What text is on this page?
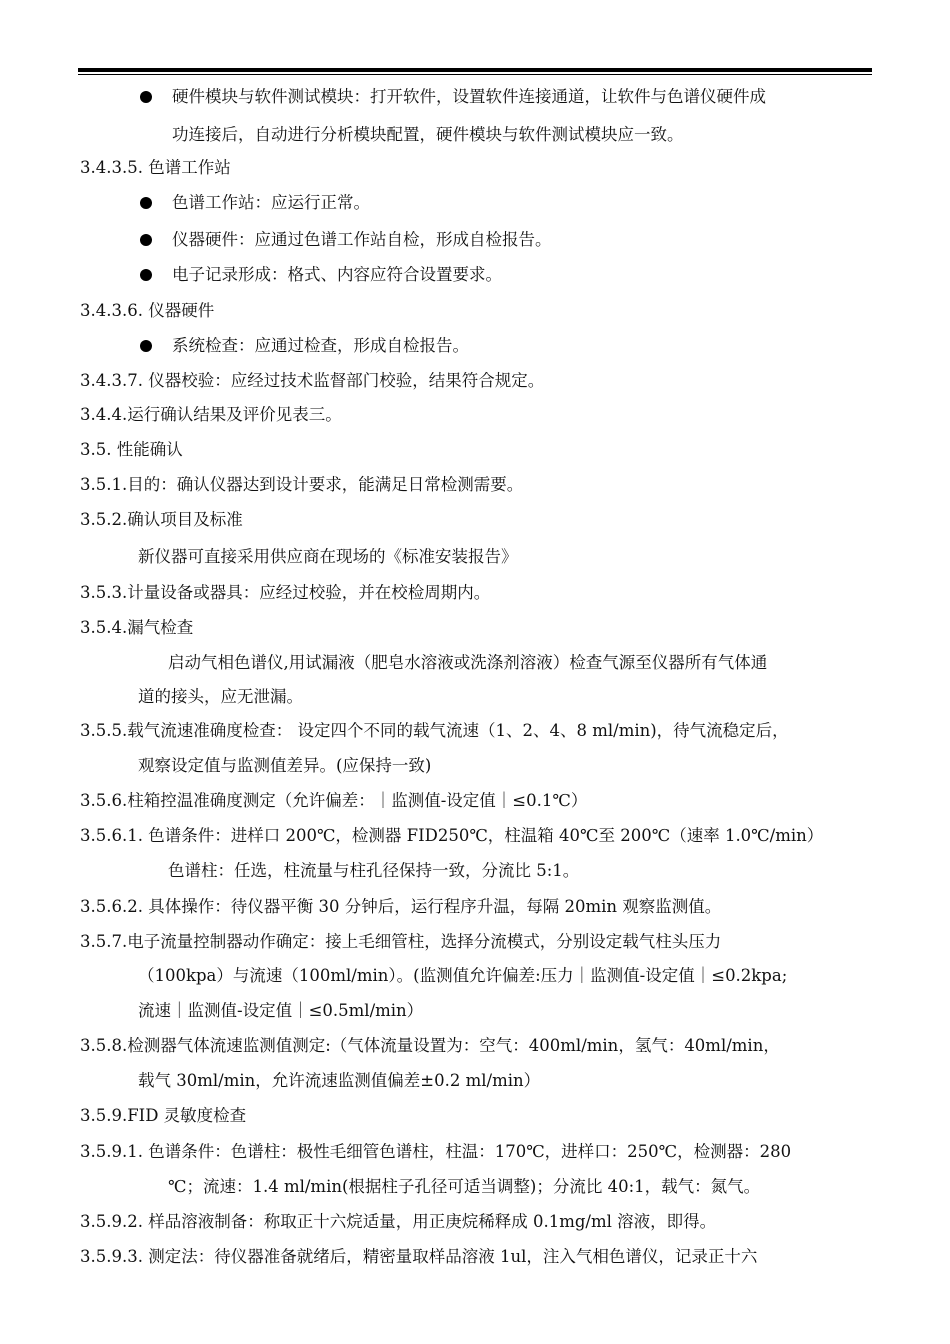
硬件模块与软件测试模块：打开软件，设置软件连接通道，让软件与色谱仪硬件成
功连接后，自动进行分析模块配置，硬件模块与软件测试模块应一致。
3.4.3.5. 色谱工作站
色谱工作站：应运行正常。
仪器硬件：应通过色谱工作站自检，形成自检报告。
电子记录形成：格式、内容应符合设置要求。
3.4.3.6. 仪器硬件
系统检查：应通过检查，形成自检报告。
3.4.3.7. 仪器校验：应经过技术监督部门校验，结果符合规定。
3.4.4.运行确认结果及评价见表三。
3.5. 性能确认
3.5.1.目的：确认仪器达到设计要求，能满足日常检测需要。
3.5.2.确认项目及标准
新仪器可直接采用供应商在现场的《标准安装报告》
3.5.3.计量设备或器具：应经过校验，并在校检周期内。
3.5.4.漏气检查
启动气相色谱仪,用试漏液（肥皂水溶液或洗涤剂溶液）检查气源至仪器所有气体通
道的接头，应无泄漏。
3.5.5.载气流速准确度检查： 设定四个不同的载气流速（1、2、4、8 ml/min)，待气流稳定后，
观察设定值与监测值差异。(应保持一致)
3.5.6.柱箱控温准确度测定（允许偏差：｜监测值-设定值｜≤0.1℃）
3.5.6.1. 色谱条件：进样口 200℃，检测器 FID250℃，柱温箱 40℃至 200℃（速率 1.0℃/min）
色谱柱：任选，柱流量与柱孔径保持一致，分流比 5:1。
3.5.6.2. 具体操作：待仪器平衡 30 分钟后，运行程序升温，每隔 20min 观察监测值。
3.5.7.电子流量控制器动作确定：接上毛细管柱，选择分流模式，分别设定载气柱头压力
（100kpa）与流速（100ml/min）。(监测值允许偏差:压力｜监测值-设定值｜≤0.2kpa;
流速｜监测值-设定值｜≤0.5ml/min）
3.5.8.检测器气体流速监测值测定:（气体流量设置为：空气：400ml/min，氢气：40ml/min，
载气 30ml/min，允许流速监测值偏差±0.2 ml/min）
3.5.9.FID 灵敏度检查
3.5.9.1. 色谱条件：色谱柱：极性毛细管色谱柱，柱温：170℃，进样口：250℃，检测器：280
℃；流速：1.4 ml/min(根据柱子孔径可适当调整)；分流比 40:1，载气：氮气。
3.5.9.2. 样品溶液制备：称取正十六烷适量，用正庚烷稀释成 0.1mg/ml 溶液，即得。
3.5.9.3. 测定法：待仪器准备就绪后，精密量取样品溶液 1ul，注入气相色谱仪，记录正十六
